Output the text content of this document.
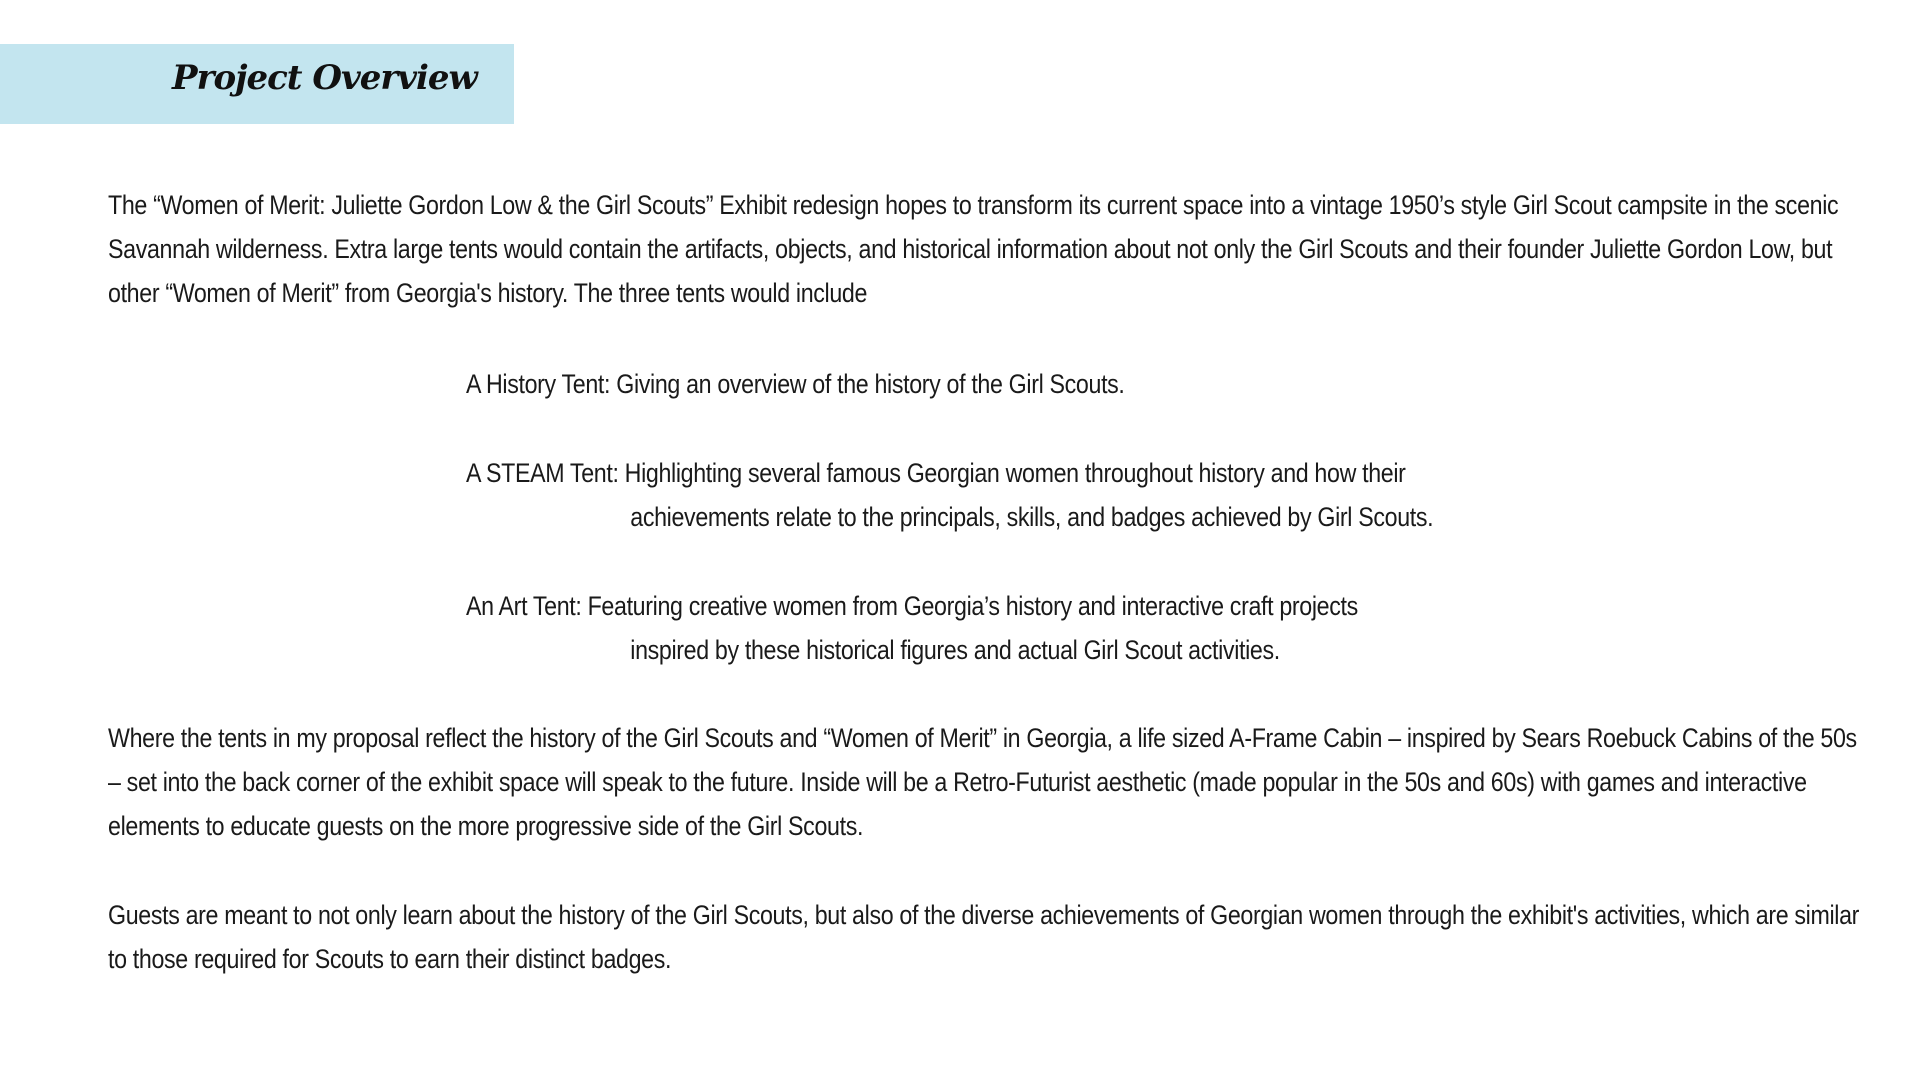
Project Overview
The “Women of Merit: Juliette Gordon Low & the Girl Scouts” Exhibit redesign hopes to transform its current space into a vintage 1950’s style Girl Scout campsite in the scenic Savannah wilderness. Extra large tents would contain the artifacts, objects, and historical information about not only the Girl Scouts and their founder Juliette Gordon Low, but other “Women of Merit” from Georgia's history. The three tents would include
A History Tent: Giving an overview of the history of the Girl Scouts.
A STEAM Tent: Highlighting several famous Georgian women throughout history and how their
achievements relate to the principals, skills, and badges achieved by Girl Scouts.
An Art Tent: Featuring creative women from Georgia’s history and interactive craft projects
inspired by these historical figures and actual Girl Scout activities.
Where the tents in my proposal reflect the history of the Girl Scouts and “Women of Merit” in Georgia, a life sized A-Frame Cabin – inspired by Sears Roebuck Cabins of the 50s – set into the back corner of the exhibit space will speak to the future. Inside will be a Retro-Futurist aesthetic (made popular in the 50s and 60s) with games and interactive elements to educate guests on the more progressive side of the Girl Scouts.
Guests are meant to not only learn about the history of the Girl Scouts, but also of the diverse achievements of Georgian women through the exhibit's activities, which are similar to those required for Scouts to earn their distinct badges.
